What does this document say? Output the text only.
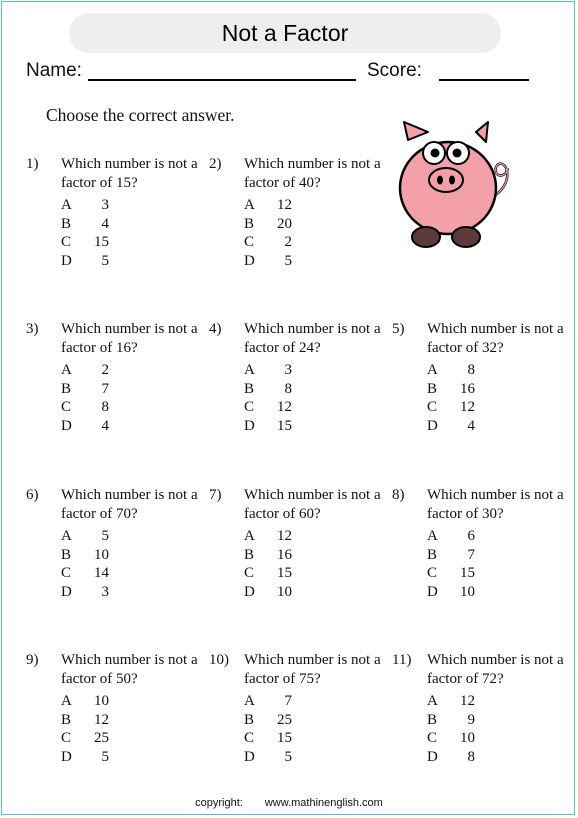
Not a Factor
Name:	Score:
Choose the correct answer.
1) Which number is not a factor of 15?
A	3
B	4
C	15
D	5
2) Which number is not a factor of 40?
A	12
B	20
C	2
D	5
3) Which number is not a factor of 16?
A	2
B	7
C	8
D	4
4) Which number is not a factor of 24?
A	3
B	8
C	12
D	15
5) Which number is not a factor of 32?
A	8
B	16
C	12
D	4
6) Which number is not a factor of 70?
A	5
B	10
C	14
D	3
7) Which number is not a factor of 60?
A	12
B	16
C	15
D	10
8) Which number is not a factor of 30?
A	6
B	7
C	15
D	10
9) Which number is not a factor of 50?
A	10
B	12
C	25
D	5
10) Which number is not a factor of 75?
A	7
B	25
C	15
D	5
11) Which number is not a factor of 72?
A	12
B	9
C	10
D	8
copyright: www.mathinenglish.com
